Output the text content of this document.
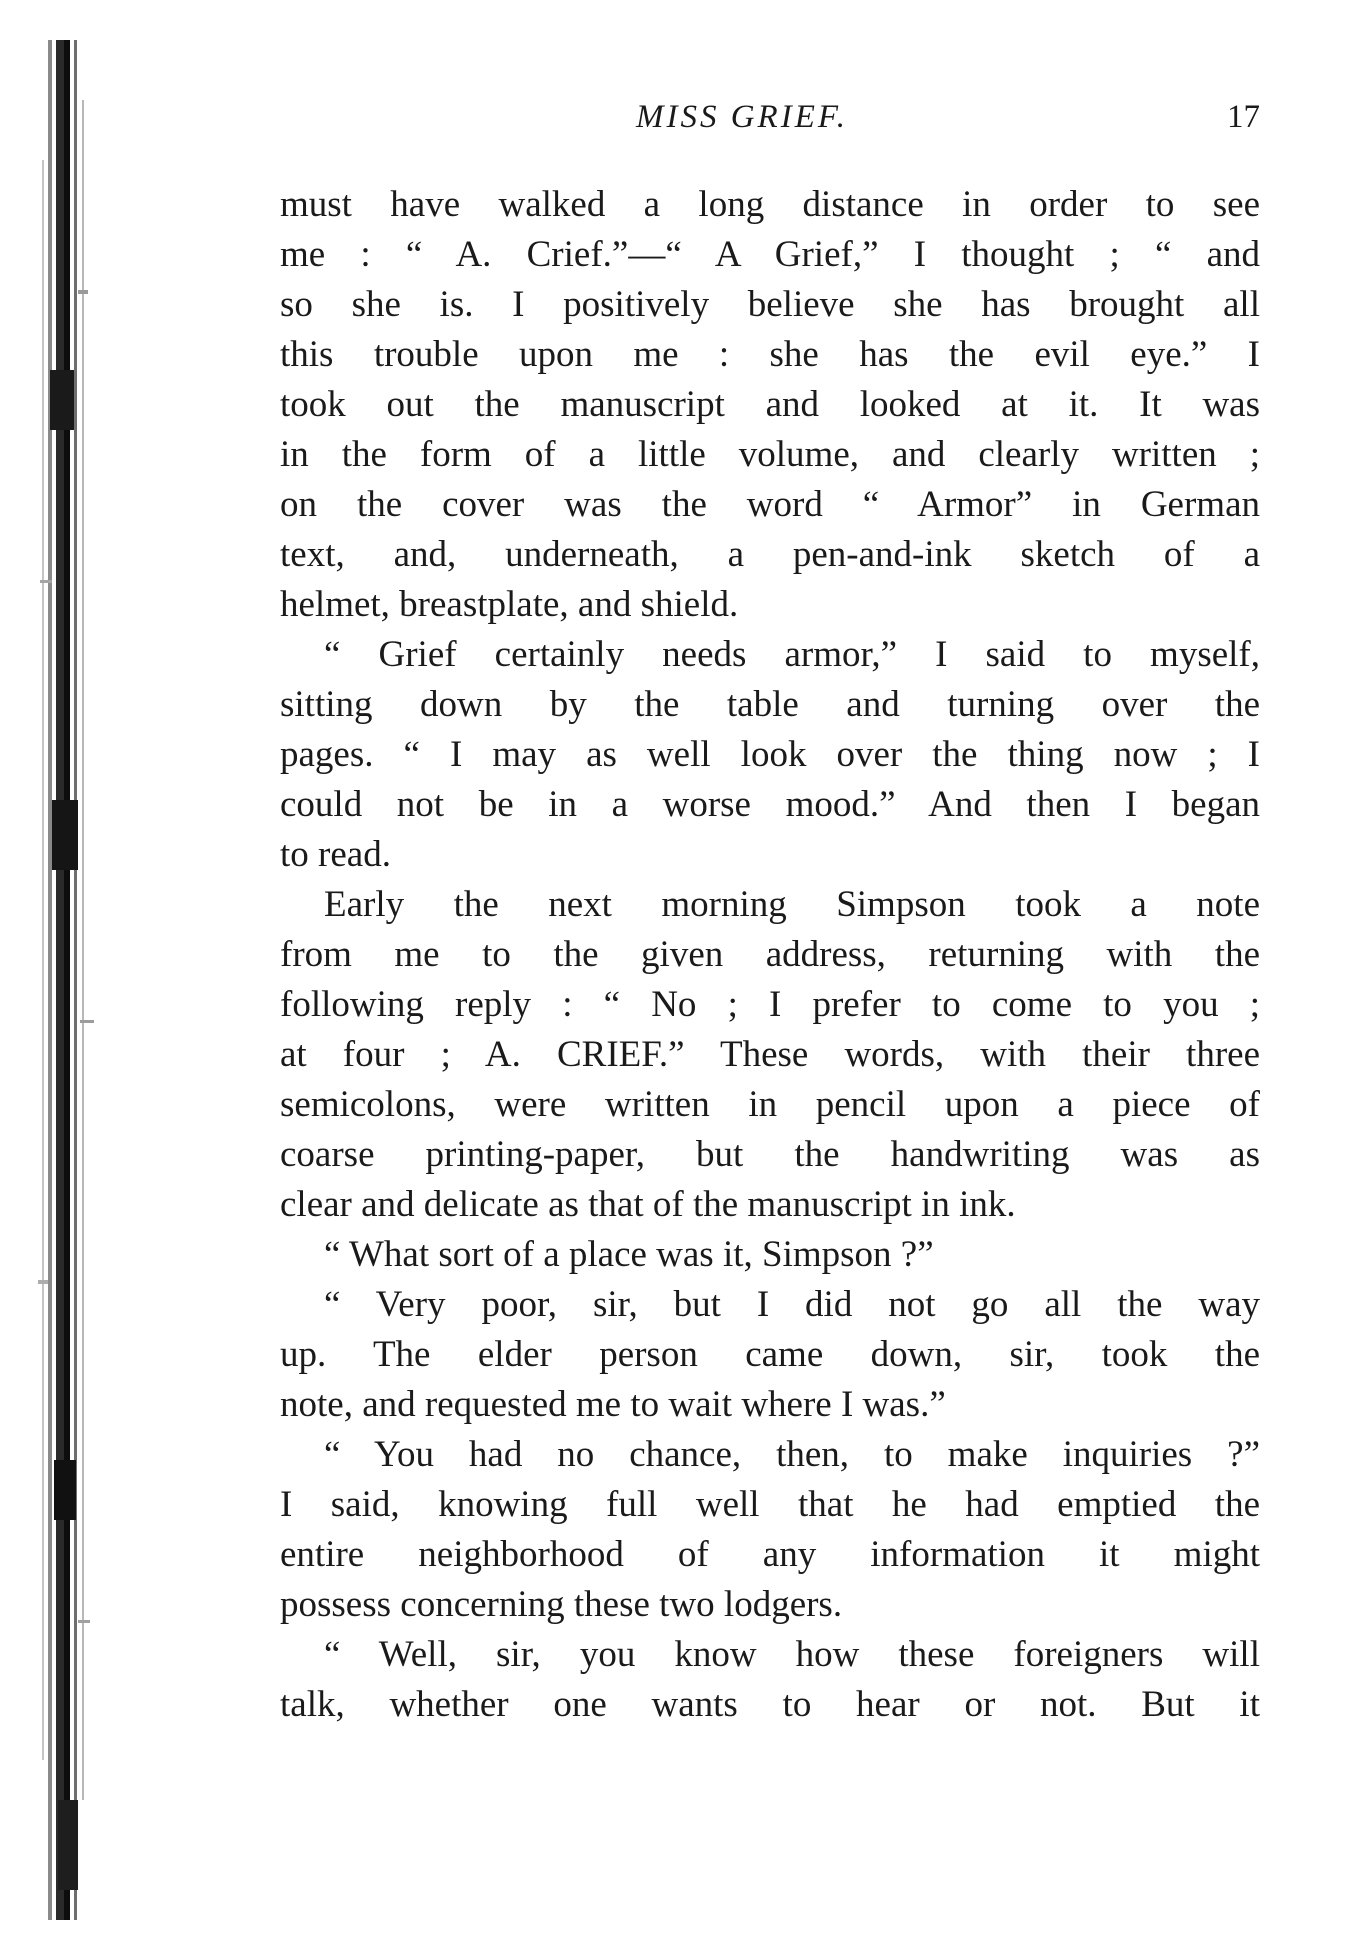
MISS GRIEF.	17
must have walked a long distance in order to see
me : “ A. Crief.”—“ A Grief,” I thought ; “ and
so she is. I positively believe she has brought all
this trouble upon me : she has the evil eye.” I
took out the manuscript and looked at it. It was
in the form of a little volume, and clearly written ;
on the cover was the word “ Armor” in German
text, and, underneath, a pen-and-ink sketch of a
helmet, breastplate, and shield.
“ Grief certainly needs armor,” I said to myself,
sitting down by the table and turning over the
pages. “ I may as well look over the thing now ; I
could not be in a worse mood.” And then I began
to read.
Early the next morning Simpson took a note
from me to the given address, returning with the
following reply : “ No ; I prefer to come to you ;
at four ; A. CRIEF.” These words, with their three
semicolons, were written in pencil upon a piece of
coarse printing-paper, but the handwriting was as
clear and delicate as that of the manuscript in ink.
“ What sort of a place was it, Simpson ?”
“ Very poor, sir, but I did not go all the way
up. The elder person came down, sir, took the
note, and requested me to wait where I was.”
“ You had no chance, then, to make inquiries ?”
I said, knowing full well that he had emptied the
entire neighborhood of any information it might
possess concerning these two lodgers.
“ Well, sir, you know how these foreigners will
talk, whether one wants to hear or not. But it
